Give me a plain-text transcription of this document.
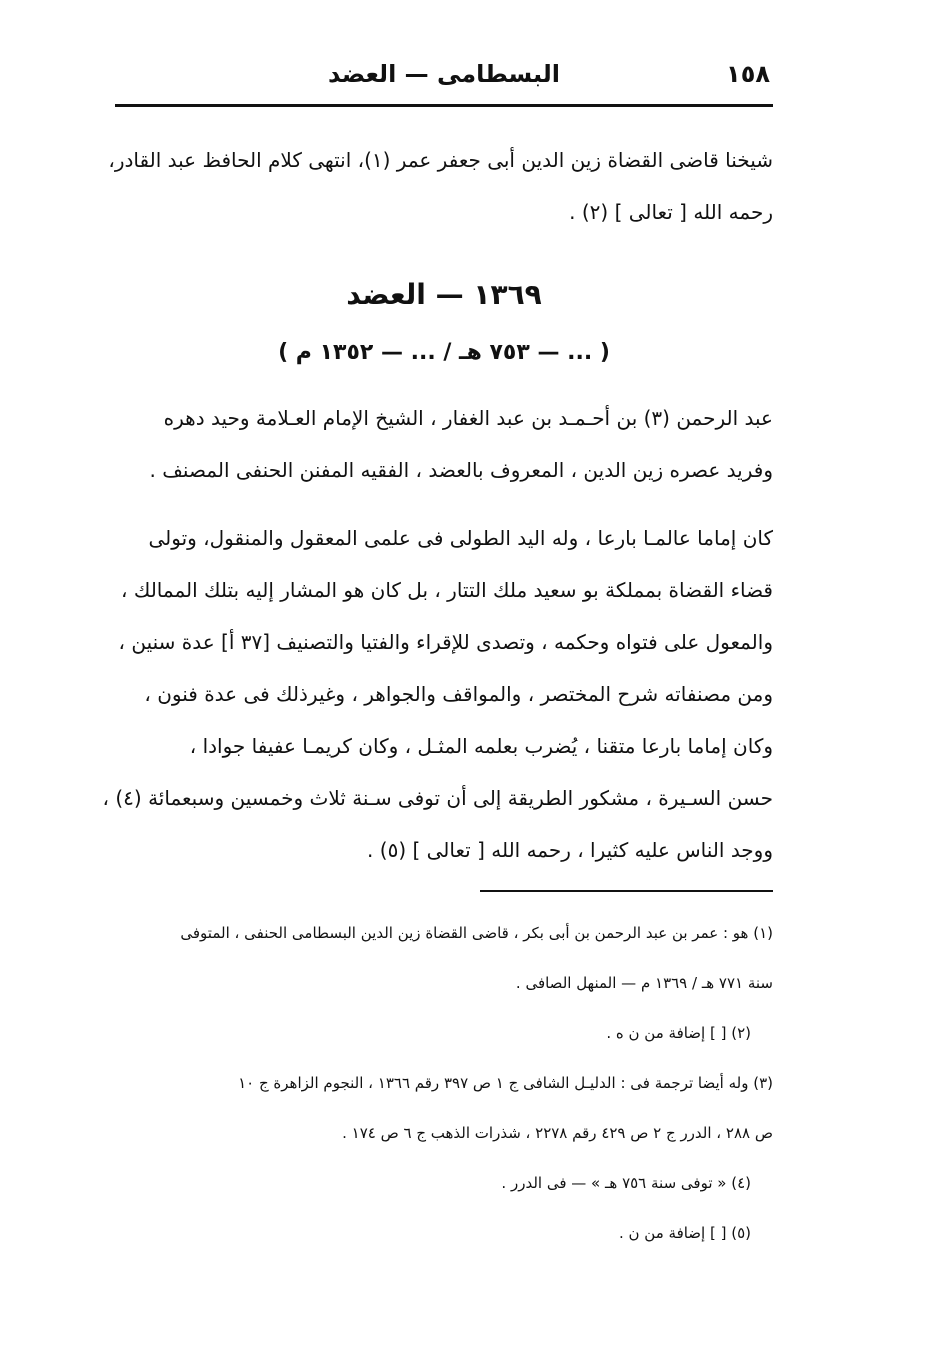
١٥٨
البسطامى — العضد
شيخنا قاضى القضاة زين الدين أبى جعفر عمر (١)، انتهى كلام الحافظ عبد القادر،
رحمه الله [ تعالى ] (٢) .
١٣٦٩ — العضد
( ... — ٧٥٣ هـ / ... — ١٣٥٢ م )
عبد الرحمن (٣) بن أحـمـد بن عبد الغفار ، الشيخ الإمام العـلامة وحيد دهره
وفريد عصره زين الدين ، المعروف بالعضد ، الفقيه المفنن الحنفى المصنف .
كان إماما عالمـا بارعا ، وله اليد الطولى فى علمى المعقول والمنقول، وتولى
قضاء القضاة بمملكة بو سعيد ملك التتار ، بل كان هو المشار إليه بتلك الممالك ،
والمعول على فتواه وحكمه ، وتصدى للإقراء والفتيا والتصنيف [٣٧ أ] عدة سنين ،
ومن مصنفاته شرح المختصر ، والمواقف والجواهر ، وغيرذلك فى عدة فنون ،
وكان إماما بارعا متقنا ، يُضرب بعلمه المثـل ، وكان كريمـا عفيفا جوادا ،
حسن السـيرة ، مشكور الطريقة إلى أن توفى سـنة ثلاث وخمسين وسبعمائة (٤) ،
ووجد الناس عليه كثيرا ، رحمه الله [ تعالى ] (٥) .
(١) هو : عمر بن عبد الرحمن بن أبى بكر ، قاضى القضاة زين الدين البسطامى الحنفى ، المتوفى
سنة ٧٧١ هـ / ١٣٦٩ م — المنهل الصافى .
(٢) [ ] إضافة من ن ه .
(٣) وله أيضا ترجمة فى : الدليـل الشافى ج ١ ص ٣٩٧ رقم ١٣٦٦ ، النجوم الزاهرة ج ١٠
ص ٢٨٨ ، الدرر ج ٢ ص ٤٢٩ رقم ٢٢٧٨ ، شذرات الذهب ج ٦ ص ١٧٤ .
(٤) « توفى سنة ٧٥٦ هـ » — فى الدرر .
(٥) [ ] إضافة من ن .
